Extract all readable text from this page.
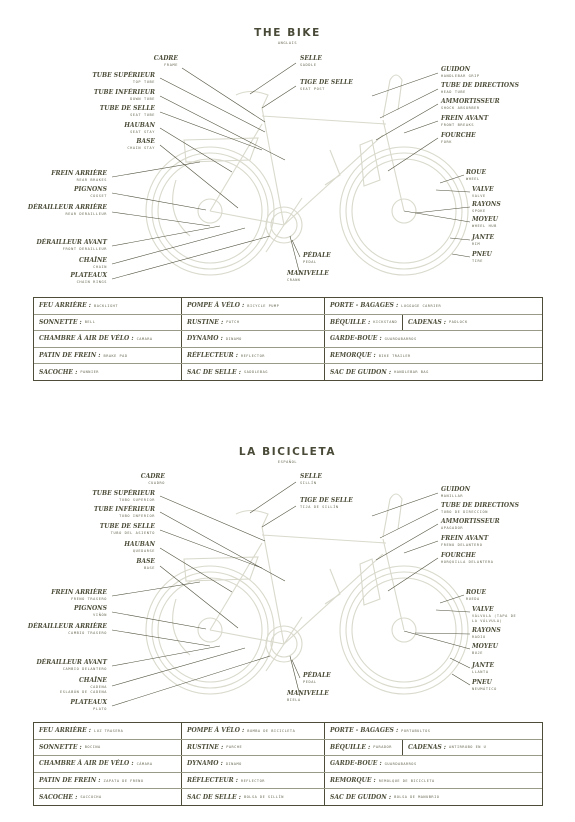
THE BIKE
ANGLAIS
CADRE
FRAME
TUBE SUPÉRIEUR
TOP TUBE
TUBE INFÉRIEUR
DOWN TUBE
TUBE DE SELLE
SEAT TUBE
HAUBAN
SEAT STAY
BASE
CHAIN STAY
FREIN ARRIÈRE
REAR BRAKES
PIGNONS
COGSET
DÉRAILLEUR ARRIÈRE
REAR DERAILLEUR
DÉRAILLEUR AVANT
FRONT DERAILLEUR
CHAÎNE
CHAIN
PLATEAUX
CHAIN RINGS
SELLE
SADDLE
TIGE DE SELLE
SEAT POST
PÉDALE
PEDAL
MANIVELLE
CRANK
GUIDON
HANDLEBAR GRIP
TUBE DE DIRECTIONS
HEAD TUBE
AMMORTISSEUR
SHOCK ABSORBER
FREIN AVANT
FRONT BREAKS
FOURCHE
FORK
ROUE
WHEEL
VALVE
VALVE
RAYONS
SPOKE
MOYEU
WHEEL HUB
JANTE
RIM
PNEU
TIRE
FEU ARRIÈRE : BACKLIGHT	POMPE À VÉLO : BICYCLE PUMP	PORTE - BAGAGES : LUGGAGE CARRIER
SONNETTE : BELL	RUSTINE : PATCH	BÉQUILLE : KICKSTAND CADENAS : PADLOCK
CHAMBRE À AIR DE VÉLO : CAMARA	DYNAMO : DINAMO	GARDE-BOUE : GUARDABARROS
PATIN DE FREIN : BRAKE PAD	RÉFLECTEUR : REFLECTOR	REMORQUE : BIKE TRAILER
SACOCHE : PANNIER	SAC DE SELLE : SADDLEBAG	SAC DE GUIDON : HANDLEBAR BAG
LA BICICLETA
ESPAÑOL
CADRE
CUADRO
TUBE SUPÉRIEUR
TUBO SUPERIOR
TUBE INFÉRIEUR
TUBO INFERIOR
TUBE DE SELLE
TUBO DEL ASIENTO
HAUBAN
QUEDARSE
BASE
BASE
FREIN ARRIÈRE
FRENO TRASERO
PIGNONS
VIÑÓN
DÉRAILLEUR ARRIÈRE
CAMBIO TRASERO
DÉRAILLEUR AVANT
CAMBIO DELANTERO
CHAÎNE
CADENA
ESLABÓN DE CADENA
PLATEAUX
PLATO
SELLE
SILLÍN
TIGE DE SELLE
TIJA DE SILLÍN
PÉDALE
PEDAL
MANIVELLE
BIELA
GUIDON
MANILLAR
TUBE DE DIRECTIONS
TUBO DE DIRECCIÓN
AMMORTISSEUR
APAGADOR
FREIN AVANT
FRENO DELANTERO
FOURCHE
HORQUILLA DELANTERA
ROUE
RUEDA
VALVE
VÁLVULA (TAPA DE
LA VÁLVULA)
RAYONS
RADIO
MOYEU
BUJE
JANTE
LLANTA
PNEU
NEUMÁTICO
FEU ARRIÈRE : LUZ TRASERA	POMPE À VÉLO : BOMBA DE BICICLETA	PORTE - BAGAGES : PORTABULTOS
SONNETTE : BOCINA	RUSTINE : PARCHE	BÉQUILLE : PARADOR	CADENAS : ANTIRROBO EN U
CHAMBRE À AIR DE VÉLO : CÁMARA	DYNAMO : DINAMO	GARDE-BOUE : GUARDABARROS
PATIN DE FREIN : ZAPATA DE FRENO	RÉFLECTEUR : REFLECTOR	REMORQUE : REMOLQUE DE BICICLETA
SACOCHE : SACCOCHA	SAC DE SELLE : BOLSA DE SILLÍN	SAC DE GUIDON : BOLSA DE MANUBRIO
